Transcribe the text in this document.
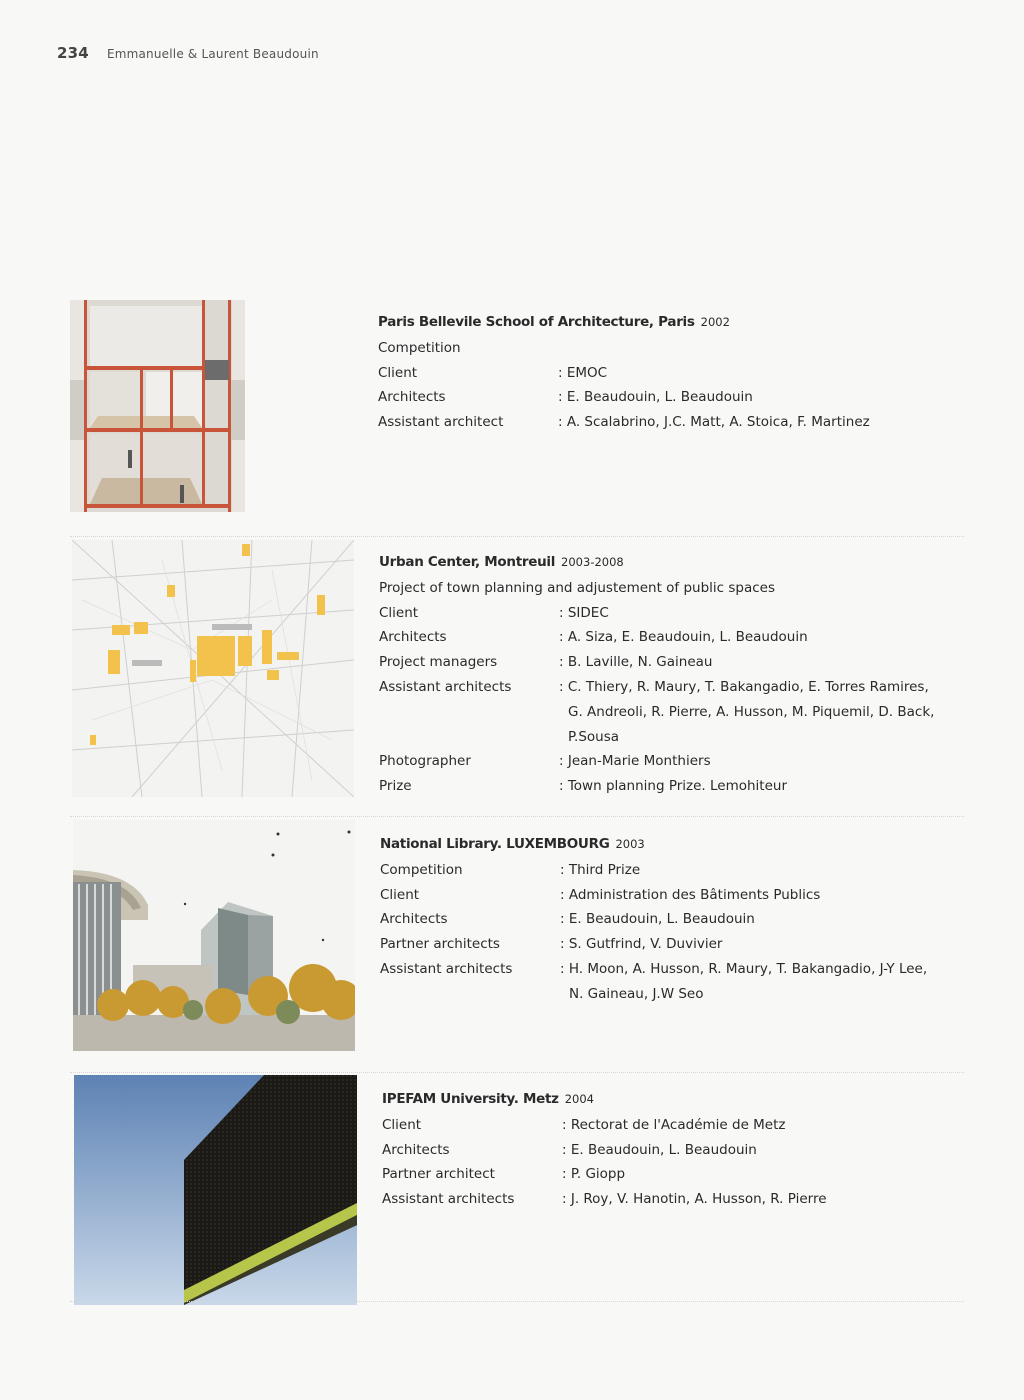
234 Emmanuelle & Laurent Beaudouin
Paris Bellevile School of Architecture, Paris 2002
Competition
Client	: EMOC
Architects	: E. Beaudouin, L. Beaudouin
Assistant architect	: A. Scalabrino, J.C. Matt, A. Stoica, F. Martinez
Urban Center, Montreuil 2003-2008
Project of town planning and adjustement of public spaces
Client	: SIDEC
Architects	: A. Siza, E. Beaudouin, L. Beaudouin
Project managers	: B. Laville, N. Gaineau
Assistant architects	: C. Thiery, R. Maury, T. Bakangadio, E. Torres Ramires,
G. Andreoli, R. Pierre, A. Husson, M. Piquemil, D. Back, P.Sousa
Photographer	: Jean-Marie Monthiers
Prize	: Town planning Prize. Lemohiteur
National Library. LUXEMBOURG 2003
Competition	: Third Prize
Client	: Administration des Bâtiments Publics
Architects	: E. Beaudouin, L. Beaudouin
Partner architects	: S. Gutfrind, V. Duvivier
Assistant architects	: H. Moon, A. Husson, R. Maury, T. Bakangadio, J-Y Lee,
N. Gaineau, J.W Seo
IPEFAM University. Metz 2004
Client	: Rectorat de l'Académie de Metz
Architects	: E. Beaudouin, L. Beaudouin
Partner architect	: P. Giopp
Assistant architects	: J. Roy, V. Hanotin, A. Husson, R. Pierre
